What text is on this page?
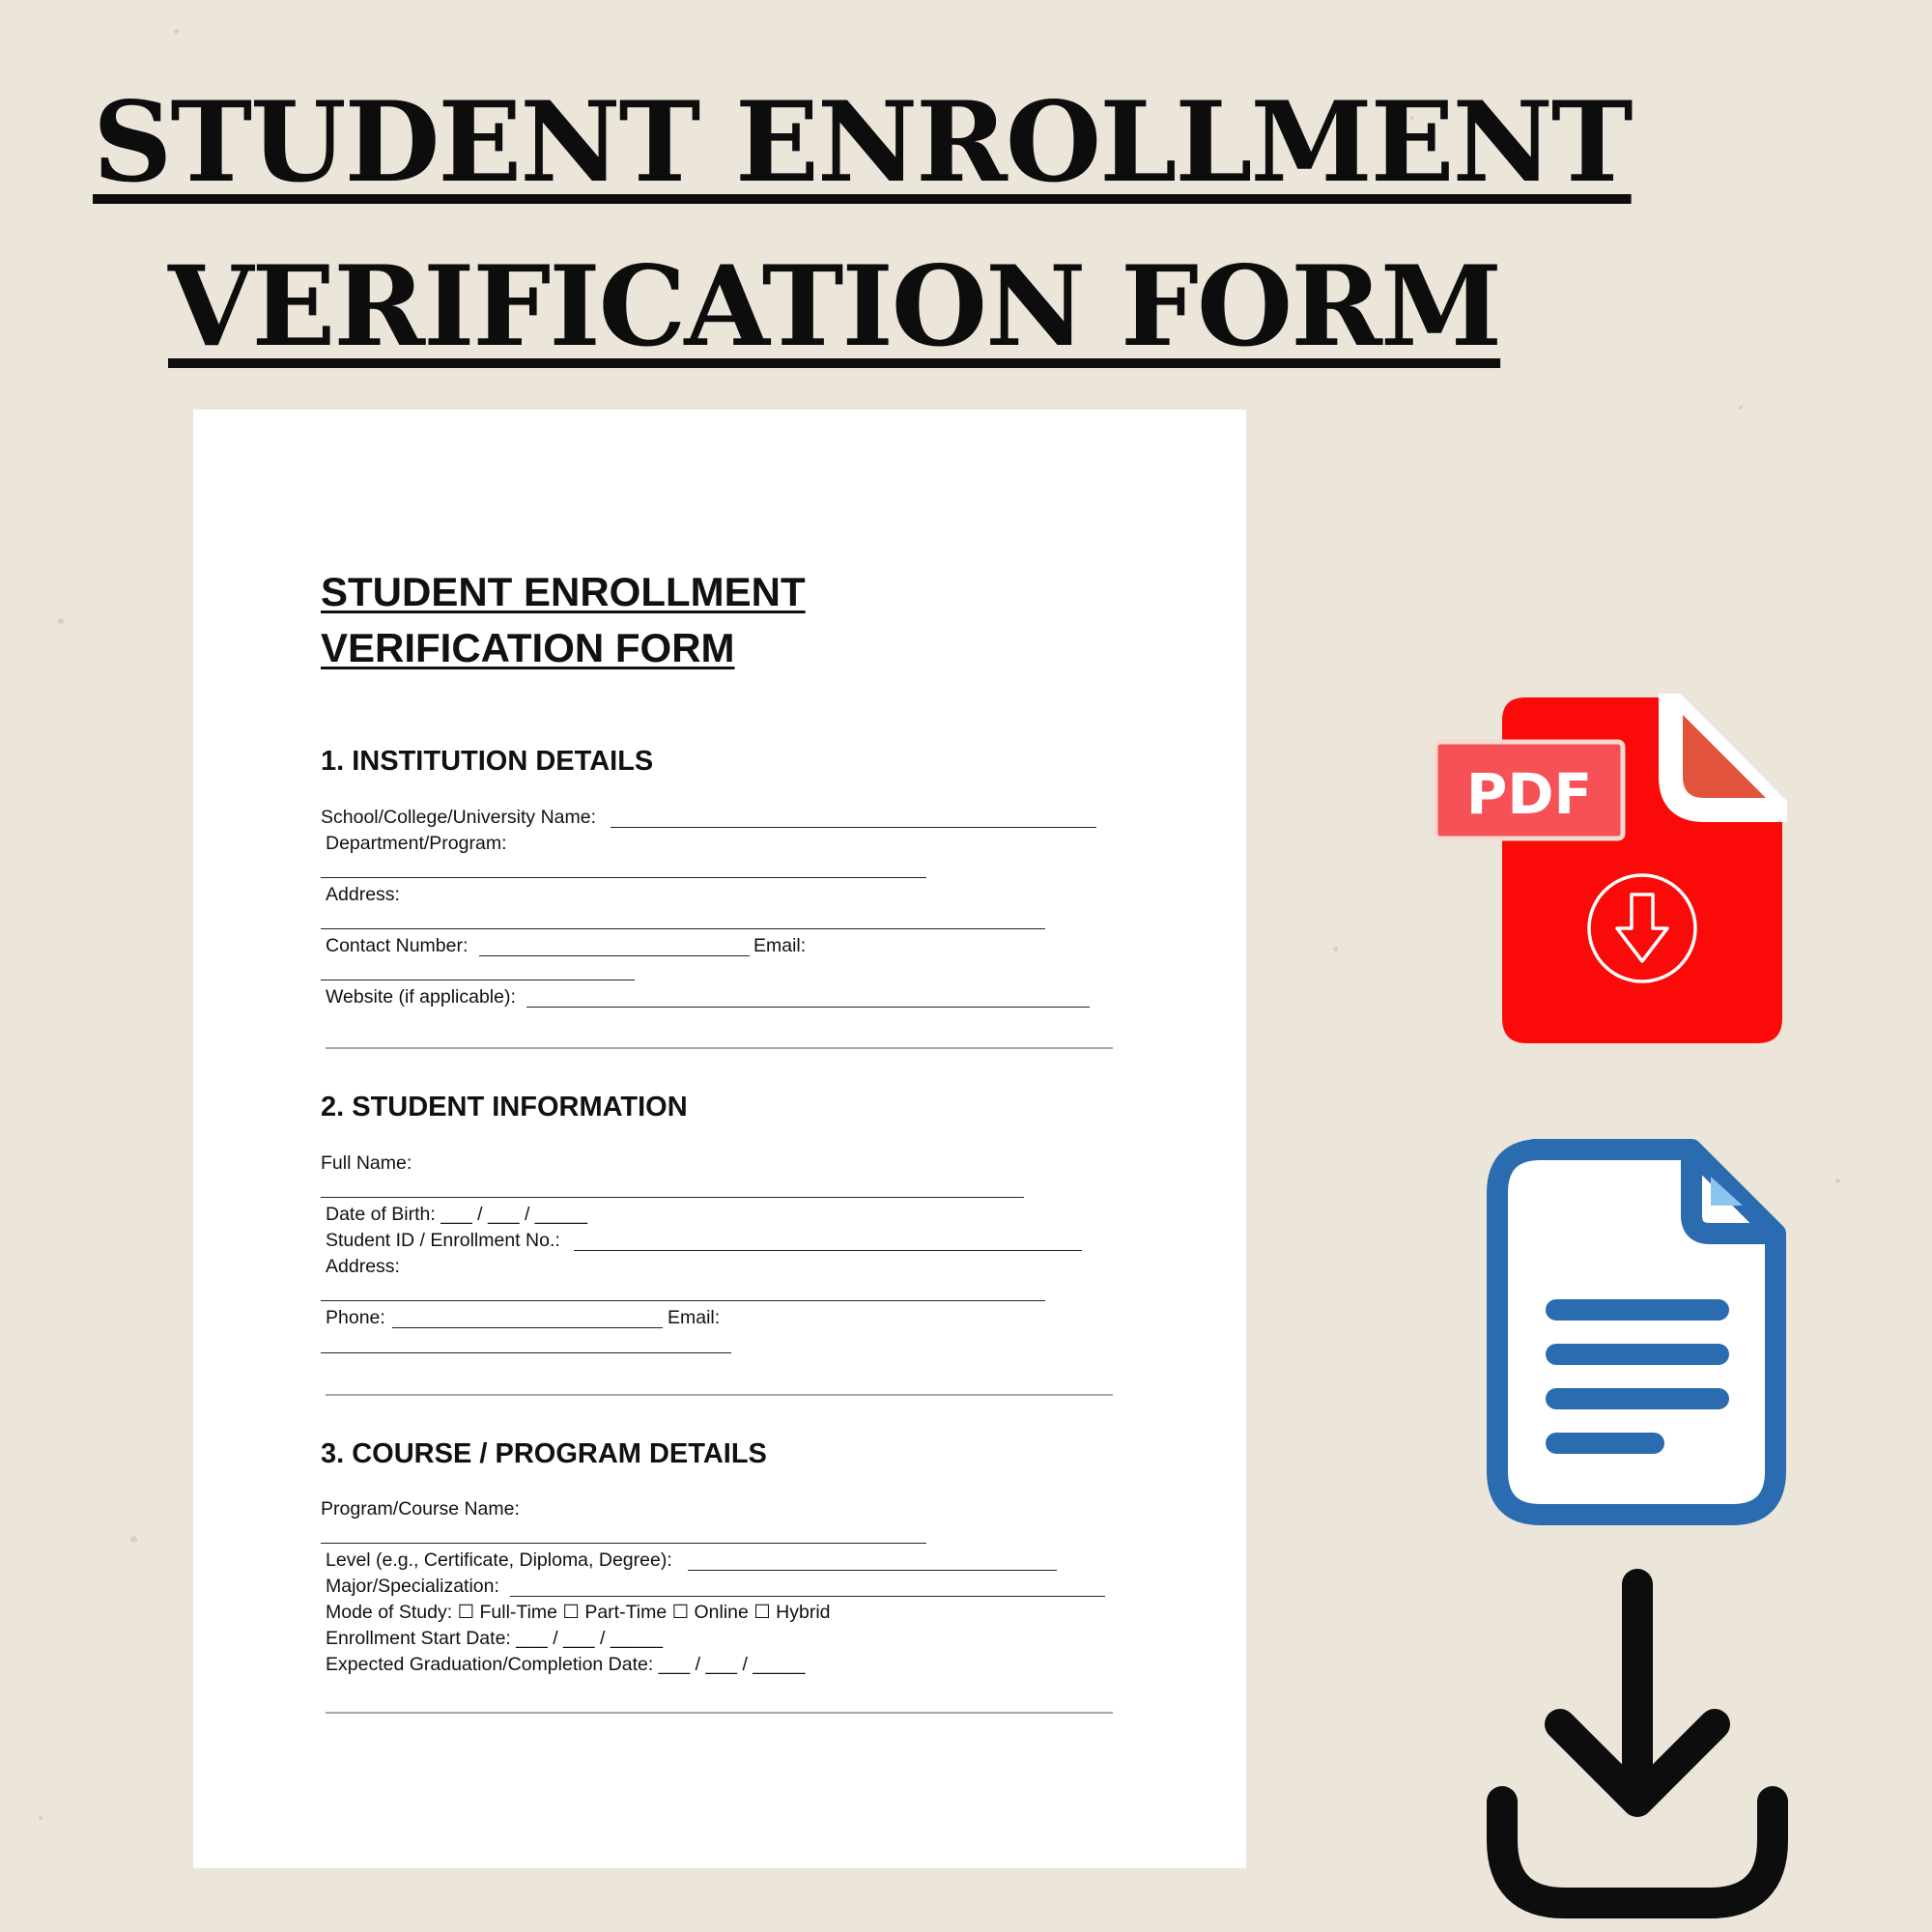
STUDENT ENROLLMENT
VERIFICATION FORM
STUDENT ENROLLMENT
VERIFICATION FORM
1. INSTITUTION DETAILS
School/College/University Name:
Department/Program:
Address:
Contact Number:	Email:
Website (if applicable):
2. STUDENT INFORMATION
Full Name:
Date of Birth: ___ / ___ / _____
Student ID / Enrollment No.:
Address:
Phone:	Email:
3. COURSE / PROGRAM DETAILS
Program/Course Name:
Level (e.g., Certificate, Diploma, Degree):
Major/Specialization:
Mode of Study: ☐ Full-Time ☐ Part-Time ☐ Online ☐ Hybrid
Enrollment Start Date: ___ / ___ / _____
Expected Graduation/Completion Date: ___ / ___ / _____
PDF
